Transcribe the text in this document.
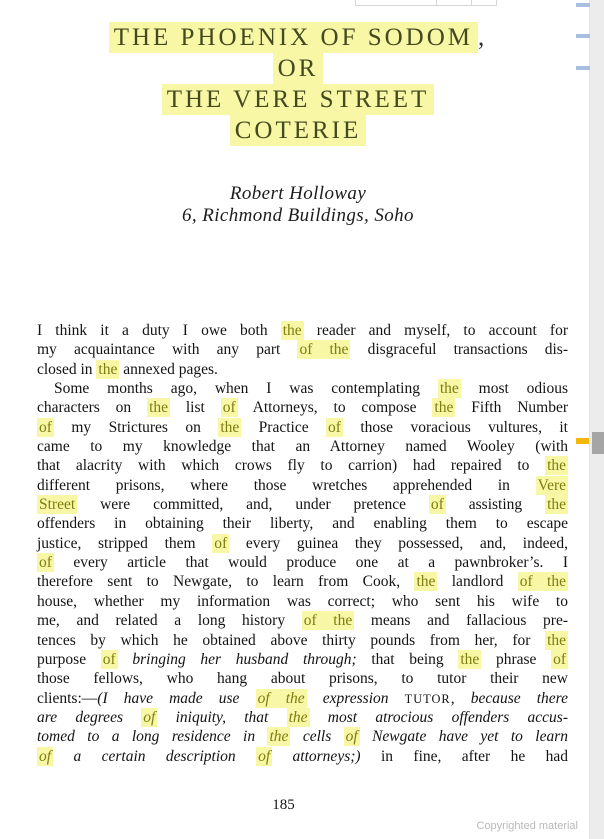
THE PHOENIX OF SODOM ,
OR
THE VERE STREET
COTERIE
Robert Holloway
6, Richmond Buildings, Soho
I think it a duty I owe both the reader and myself, to account for
my acquaintance with any part of the disgraceful transactions dis-
closed in the annexed pages.
Some months ago, when I was contemplating the most odious
characters on the list of Attorneys, to compose the Fifth Number
of my Strictures on the Practice of those voracious vultures, it
came to my knowledge that an Attorney named Wooley (with
that alacrity with which crows fly to carrion) had repaired to the
different prisons, where those wretches apprehended in Vere
Street were committed, and, under pretence of assisting the
offenders in obtaining their liberty, and enabling them to escape
justice, stripped them of every guinea they possessed, and, indeed,
of every article that would produce one at a pawnbroker’s. I
therefore sent to Newgate, to learn from Cook, the landlord of the
house, whether my information was correct; who sent his wife to
me, and related a long history of the means and fallacious pre-
tences by which he obtained above thirty pounds from her, for the
purpose of bringing her husband through; that being the phrase of
those fellows, who hang about prisons, to tutor their new
clients:—(I have made use of the expression TUTOR, because there
are degrees of iniquity, that the most atrocious offenders accus-
tomed to a long residence in the cells of Newgate have yet to learn
of a certain description of attorneys;) in fine, after he had
185
Copyrighted material
